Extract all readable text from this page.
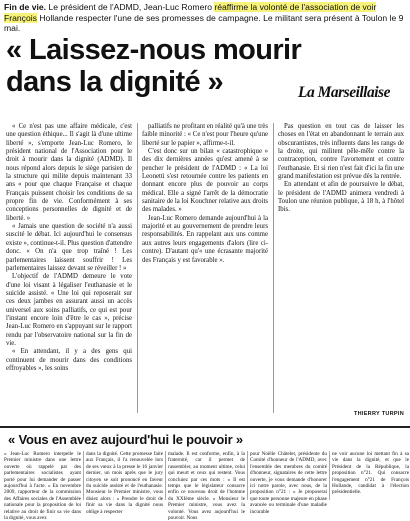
Fin de vie. Le président de l'ADMD, Jean-Luc Romero réaffirme la volonté de l'association de voir François Hollande respecter l'une de ses promesses de campagne. Le militant sera présent à Toulon le 9 mai.
« Laissez-nous mourir
dans la dignité »	La Marseillaise

« Ce n'est pas une affaire médicale, c'est une question éthique... Il s'agit là d'une ultime liberté », s'emporte Jean-Luc Romero, le président national de l'Association pour le droit à mourir dans la dignité (ADMD). Il nous répond alors depuis le siège parisien de la structure qui milite depuis maintenant 33 ans « pour que chaque Française et chaque Français puissent choisir les conditions de sa propre fin de vie. Conformément à ses conceptions personnelles de dignité et de liberté. »

« Jamais une question de société n'a aussi suscité le débat. Ici aujourd'hui le consensus existe », continue-t-il. Plus question d'attendre donc. « On n'a que trop traîné ! Les parlementaires laissent souffrir ! Les parlementaires laissez devant se réveiller ! »

L'objectif de l'ADMD demeure le vote d'une loi visant à légaliser l'euthanasie et le suicide assisté. « Une loi qui reposerait sur ces deux jambes en assurant aussi un accès universel aux soins palliatifs, ce qui est pour l'instant encore loin d'être le cas », précise Jean-Luc Romero en s'appuyant sur le rapport rendu par l'observatoire national sur la fin de vie.

« En attendant, il y a des gens qui continuent de mourir dans des conditions effroyables », les soins

palliatifs ne profitant en réalité qu'à une très faible minorité : « Ce n'est pour l'heure qu'une liberté sur le papier », affirme-t-il.

C'est donc sur un bilan « catastrophique » des dix dernières années qu'est amené à se pencher le président de l'ADMD : « La loi Leonetti s'est retournée contre les patients en donnant encore plus de pouvoir au corps médical. Elle a signé l'arrêt de la démocratie sanitaire de la loi Kouchner relative aux droits des malades. »

Jean-Luc Romero demande aujourd'hui à la majorité et au gouvernement de prendre leurs responsabilités. En rappelant aux uns comme aux autres leurs engagements d'alors (lire ci-contre). D'autant qu'« une écrasante majorité des Français y est favorable ».

Pas question en tout cas de laisser les choses en l'état en abandonnant le terrain aux obscurantistes, très influents dans les rangs de la droite, qui militent pêle-mêle contre la contraception, contre l'avortement et contre l'euthanasie. Et si rien n'est fait d'ici la fin une grand manifestation est prévue dès la rentrée.

En attendant et afin de poursuivre le débat, le président de l'ADMD animera vendredi à Toulon une réunion publique, à 18 h, à l'hôtel Ibis.

THIERRY TURPIN
« Vous en avez aujourd'hui le pouvoir »
« Jean-Luc Romero interpelle le Premier ministre dans une lettre ouverte où rappelé par des parlementaires socialistes ayant porté pour lui demander de passer aujourd'hui à l'acte. « En novembre 2009, rapporteur de la commission des Affaires sociales de l'Assemblée nationale pour la proposition de loi relative au droit de finir sa vie dans la dignité, vous avez
dans la dignité. Cette promesse faite aux Français, il l'a renouvelée lors de ses vœux à la presse le 16 janvier dernier, un mois après que le jury citoyen se soit prononcé en faveur du suicide assisté et de l'euthanasie. Monsieur le Premier ministre, vous disiez alors : « Prendre le droit de finir sa vie dans la dignité nous oblige à respecter
malade. Il est conforme, enfin, à la fraternité, car il permet de rassembler, au moment ultime, celui qui meurt et ceux qui restent. Vous concluiez par ces mots : « Il est temps que le législateur consacre enfin ce nouveau droit de l'homme du XXIème siècle. » Monsieur le Premier ministre, vous avez la volonté. Vous avez aujourd'hui le pouvoir. Nous
pour Noëlle Châtelet, présidente du Comité d'honneur de l'ADMD, avec l'ensemble des membres du comité d'honneur, signataires de cette lettre ouverte, je vous demande d'honorer ici notre parole, avec nous, de la proposition n°21 : « Je proposerai que toute personne majeure en phase avancée ou terminale d'une maladie incurable
ne voir aucune loi mettant fin à sa vie dans la dignité, et que le Président de la République, la proposition n°21. Qui consacre l'engagement n°21 de François Hollande, candidat à l'élection présidentielle.
